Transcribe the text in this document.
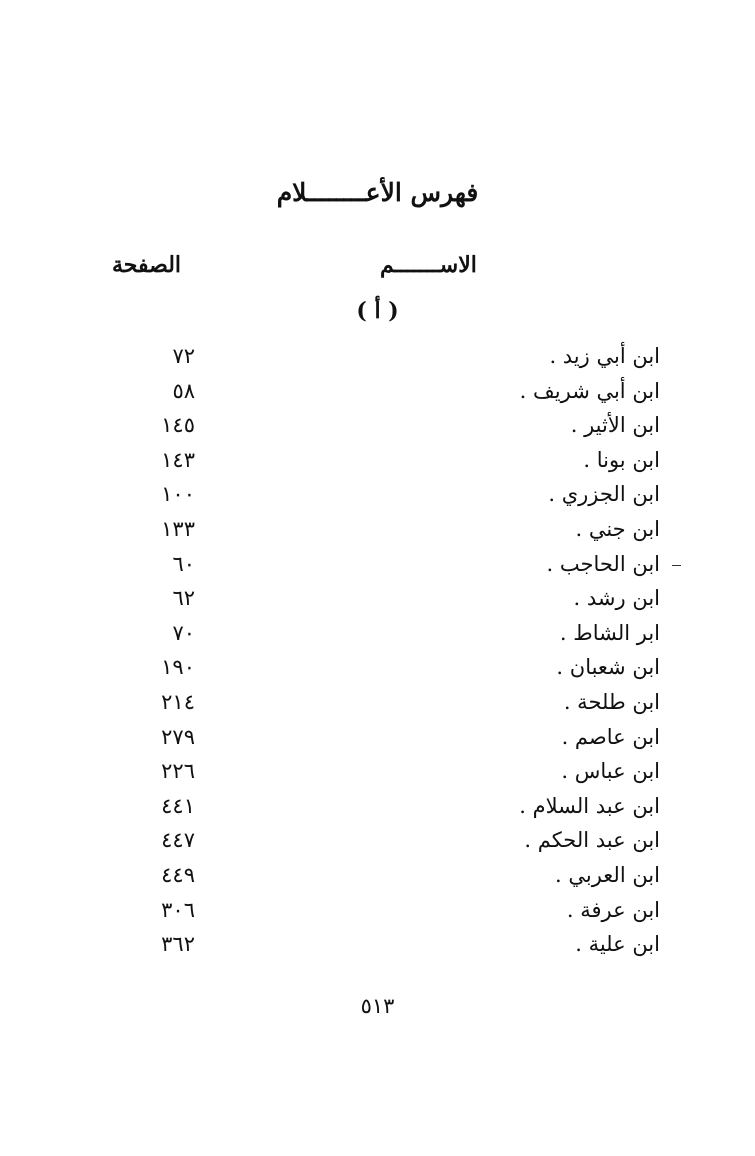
فهرس الأعــــــــلام
الاســـــــم
الصفحة
( أ )
ابن أبي زيد .
٧٢
ابن أبي شريف .
٥٨
ابن الأثير .
١٤٥
ابن بونا .
١٤٣
ابن الجزري .
١٠٠
ابن جني .
١٣٣
ابن الحاجب .
٦٠
ابن رشد .
٦٢
ابر الشاط .
٧٠
ابن شعبان .
١٩٠
ابن طلحة .
٢١٤
ابن عاصم .
٢٧٩
ابن عباس .
٢٢٦
ابن عبد السلام .
٤٤١
ابن عبد الحكم .
٤٤٧
ابن العربي .
٤٤٩
ابن عرفة .
٣٠٦
ابن علية .
٣٦٢
٥١٣
